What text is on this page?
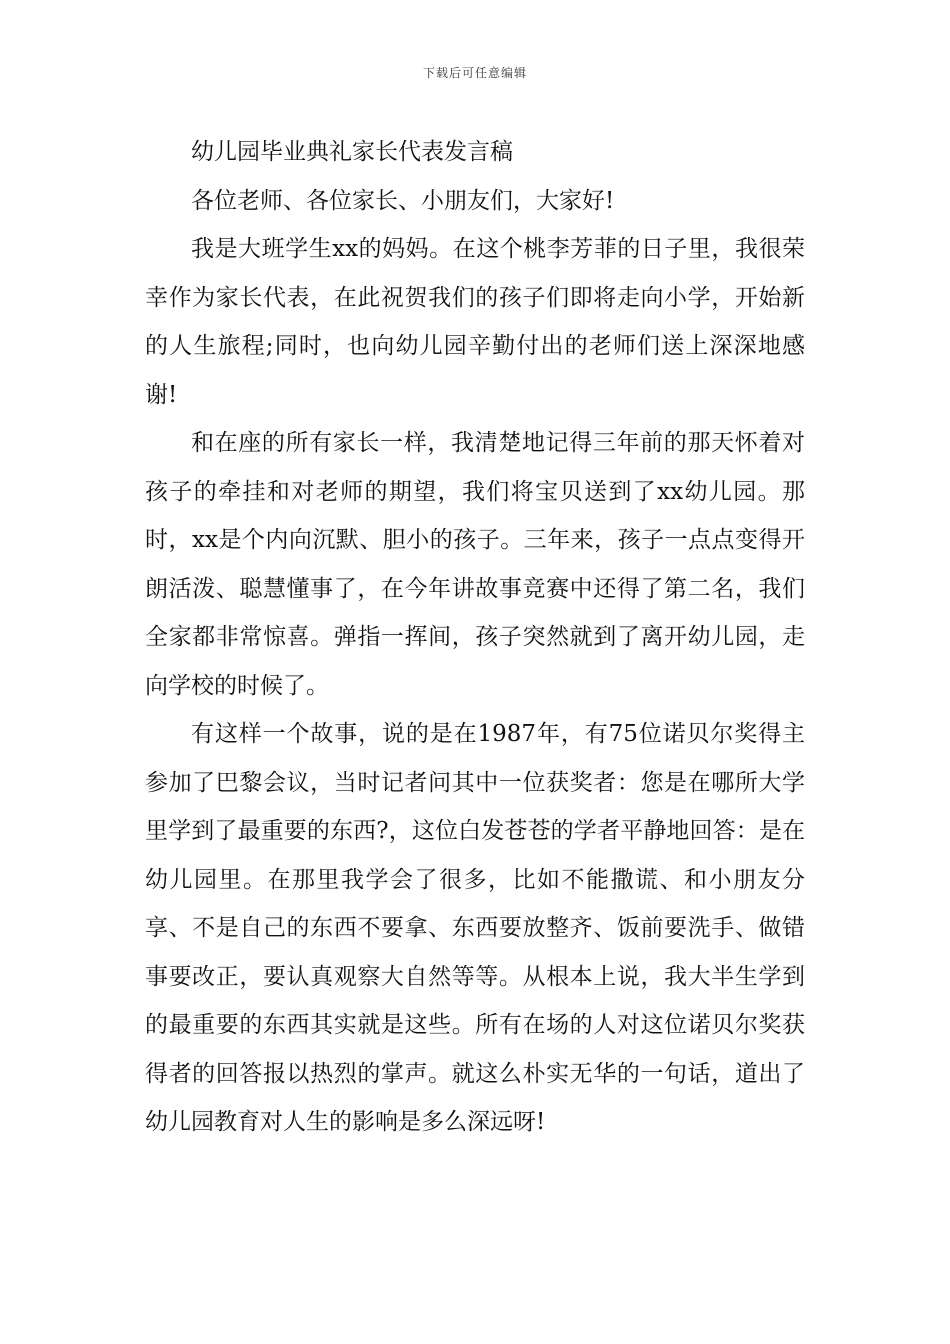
下载后可任意编辑

幼儿园毕业典礼家长代表发言稿

各位老师、各位家长、小朋友们，大家好!

我是大班学生xx的妈妈。在这个桃李芳菲的日子里，我很荣幸作为家长代表，在此祝贺我们的孩子们即将走向小学，开始新的人生旅程;同时，也向幼儿园辛勤付出的老师们送上深深地感谢!

和在座的所有家长一样，我清楚地记得三年前的那天怀着对孩子的牵挂和对老师的期望，我们将宝贝送到了xx幼儿园。那时，xx是个内向沉默、胆小的孩子。三年来，孩子一点点变得开朗活泼、聪慧懂事了，在今年讲故事竞赛中还得了第二名，我们全家都非常惊喜。弹指一挥间，孩子突然就到了离开幼儿园，走向学校的时候了。

有这样一个故事，说的是在1987年，有75位诺贝尔奖得主参加了巴黎会议，当时记者问其中一位获奖者：您是在哪所大学里学到了最重要的东西?，这位白发苍苍的学者平静地回答：是在幼儿园里。在那里我学会了很多，比如不能撒谎、和小朋友分享、不是自己的东西不要拿、东西要放整齐、饭前要洗手、做错事要改正，要认真观察大自然等等。从根本上说，我大半生学到的最重要的东西其实就是这些。所有在场的人对这位诺贝尔奖获得者的回答报以热烈的掌声。就这么朴实无华的一句话，道出了幼儿园教育对人生的影响是多么深远呀!
